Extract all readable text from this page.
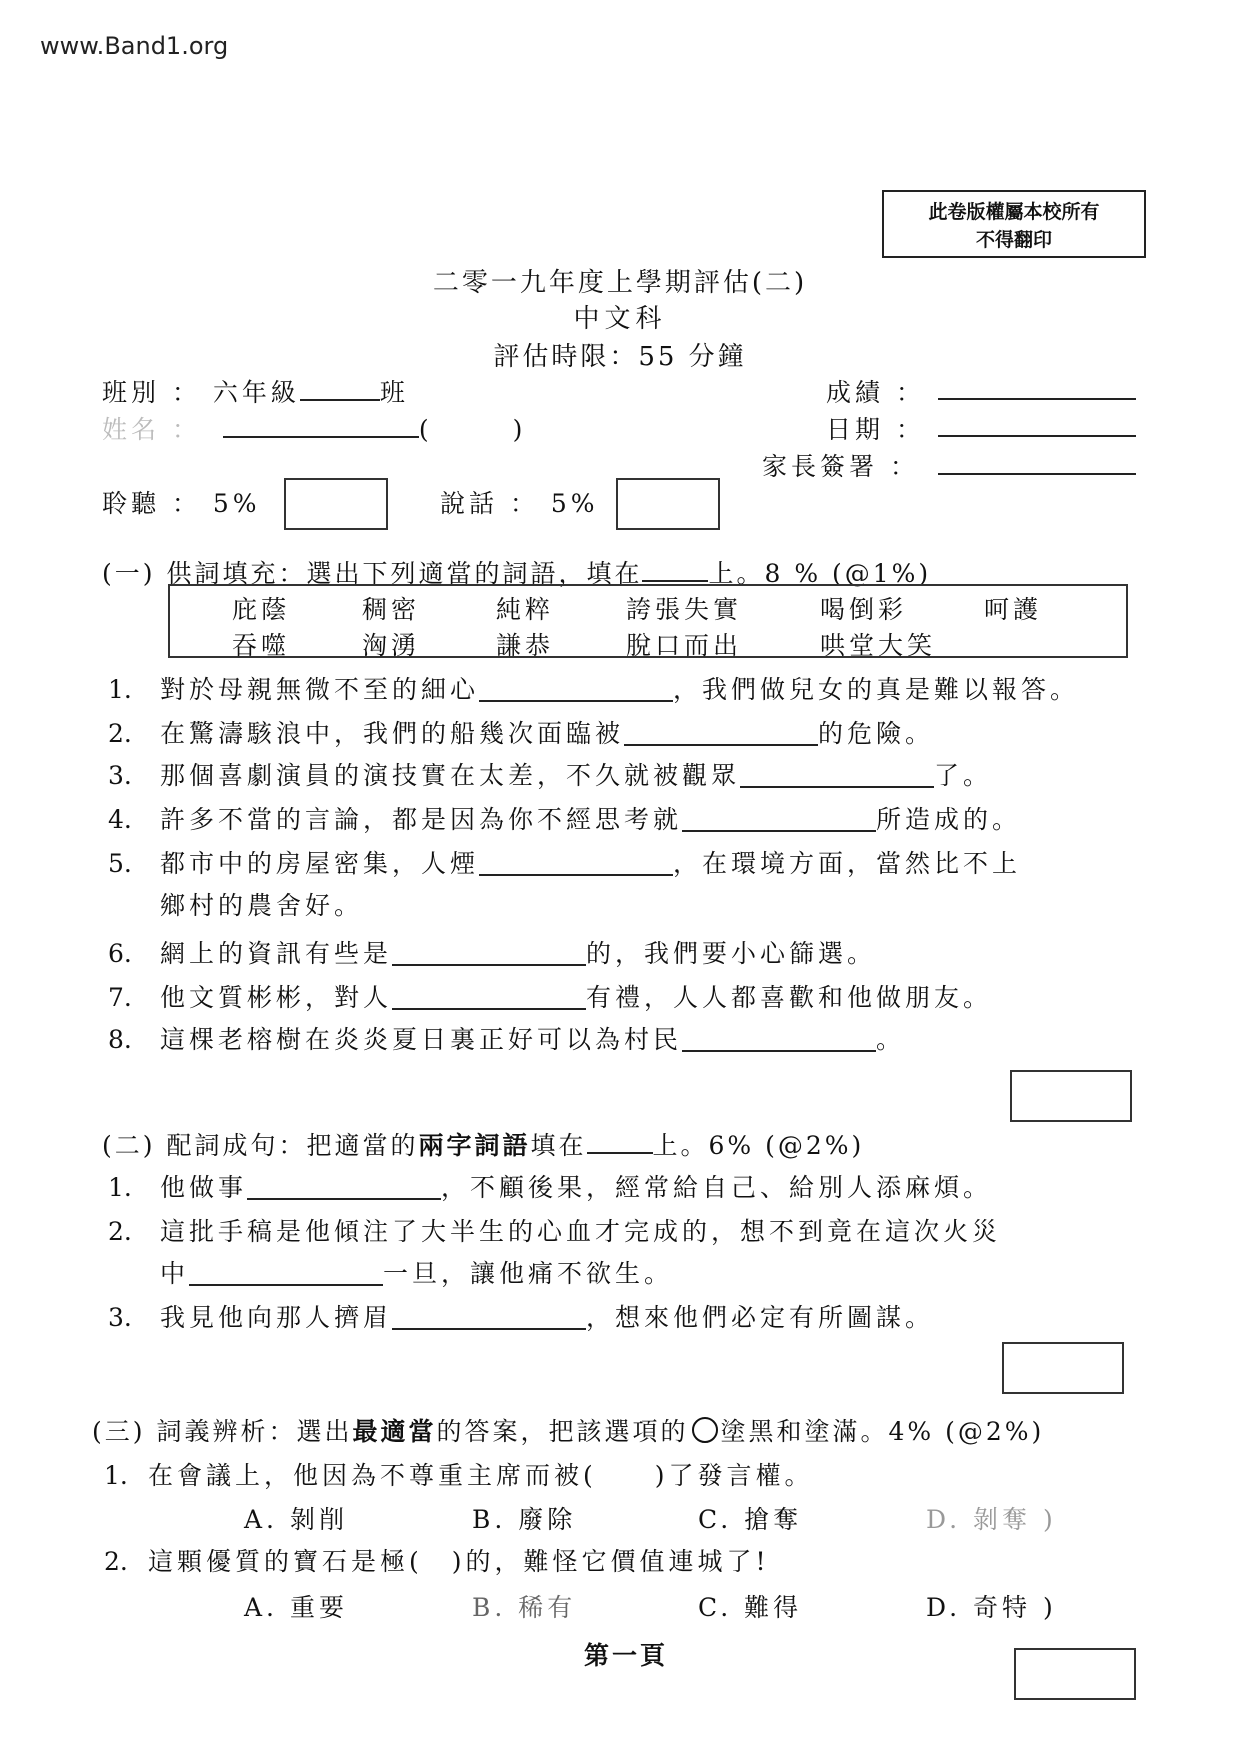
www.Band1.org
此卷版權屬本校所有
不得翻印
二零一九年度上學期評估(二)
中文科
評估時限：55 分鐘
班別 ： 六年級	班
姓名 ：	(	)
成績 ：
日期 ：
家長簽署 ：
聆聽 ： 5%	說話 ： 5%
(一) 供詞填充：選出下列適當的詞語，填在	上。8 % (@1%)
庇蔭	稠密	純粹	誇張失實	喝倒彩	呵護
吞噬	洶湧	謙恭	脫口而出	哄堂大笑
1. 對於母親無微不至的細心	，我們做兒女的真是難以報答。
2. 在驚濤駭浪中，我們的船幾次面臨被	的危險。
3. 那個喜劇演員的演技實在太差，不久就被觀眾	了。
4. 許多不當的言論，都是因為你不經思考就	所造成的。
5. 都市中的房屋密集，人煙	，在環境方面，當然比不上
鄉村的農舍好。
6. 網上的資訊有些是	的，我們要小心篩選。
7. 他文質彬彬，對人	有禮，人人都喜歡和他做朋友。
8. 這棵老榕樹在炎炎夏日裏正好可以為村民	。
(二) 配詞成句：把適當的兩字詞語填在	上。6% (@2%)
1. 他做事	，不顧後果，經常給自己、給別人添麻煩。
2. 這批手稿是他傾注了大半生的心血才完成的，想不到竟在這次火災
中	一旦，讓他痛不欲生。
3. 我見他向那人擠眉	，想來他們必定有所圖謀。
(三) 詞義辨析：選出最適當的答案，把該選項的 塗黑和塗滿。4% (@2%)
1. 在會議上，他因為不尊重主席而被(　　)了發言權。
A. 剝削	B. 廢除	C. 搶奪	D. 剝奪 )
2. 這顆優質的寶石是極(　)的，難怪它價值連城了!
A. 重要	B. 稀有	C. 難得	D. 奇特 )
第一頁
